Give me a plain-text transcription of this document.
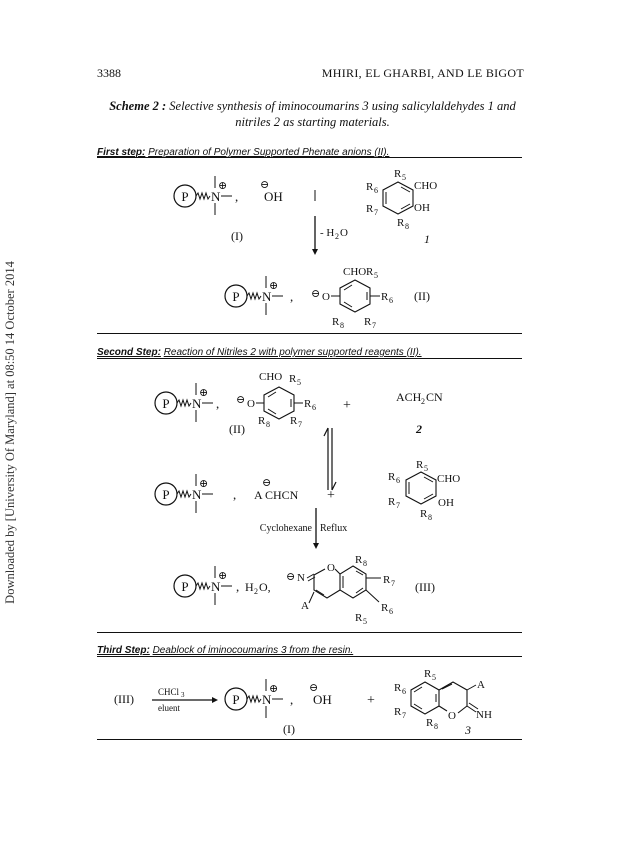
3388	MHIRI, EL GHARBI, AND LE BIGOT
Scheme 2 : Selective synthesis of iminocoumarins 3 using salicylaldehydes 1 and nitriles 2 as starting materials.
First step: Preparation of Polymer Supported Phenate anions (II).
Second Step: Reaction of Nitriles 2 with polymer supported reagents (II).
Third Step: Deablock of iminocoumarins 3 from the resin.
Downloaded by [University Of Maryland] at 08:50 14 October 2014
P N
⊕
,
⊖
OH
(I)
R 5
CHO
OH
R 6
R 7
R 8
1
- H 2 O
P N
⊕
, ⊖ O
CHO R 5
R 6
R 8 R 7
(II)
P N
⊕
, ⊖ O
CHO R 5
R 6
R 8 R 7
(II)
+
ACH 2 CN
2
P N
⊕
,
⊖
A CHCN +
R 5
CHO
OH
R 6
R 7
R 8
Cyclohexane Reflux
P N
⊕
, H 2 O,
⊖ N
O
A
R 8
R 7
R 6
R 5
(III)
(III)	CHCl 3
eluent
P N
⊕
,
⊖
OH
(I)
+
O NH
A
R 5
R 6
R 7
R 8 3
